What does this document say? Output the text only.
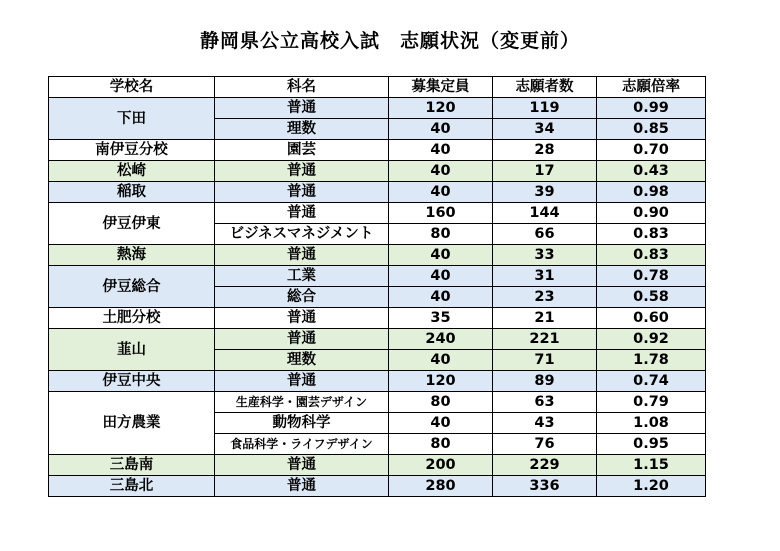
静岡県公立高校入試　志願状況（変更前）
学校名	科名	募集定員	志願者数	志願倍率
下田	普通	120	119	0.99
	理数	40	34	0.85
南伊豆分校	園芸	40	28	0.70
松崎	普通	40	17	0.43
稲取	普通	40	39	0.98
伊豆伊東	普通	160	144	0.90
	ビジネスマネジメント	80	66	0.83
熱海	普通	40	33	0.83
伊豆総合	工業	40	31	0.78
	総合	40	23	0.58
土肥分校	普通	35	21	0.60
韮山	普通	240	221	0.92
	理数	40	71	1.78
伊豆中央	普通	120	89	0.74
田方農業	生産科学・園芸デザイン	80	63	0.79
	動物科学	40	43	1.08
	食品科学・ライフデザイン	80	76	0.95
三島南	普通	200	229	1.15
三島北	普通	280	336	1.20
